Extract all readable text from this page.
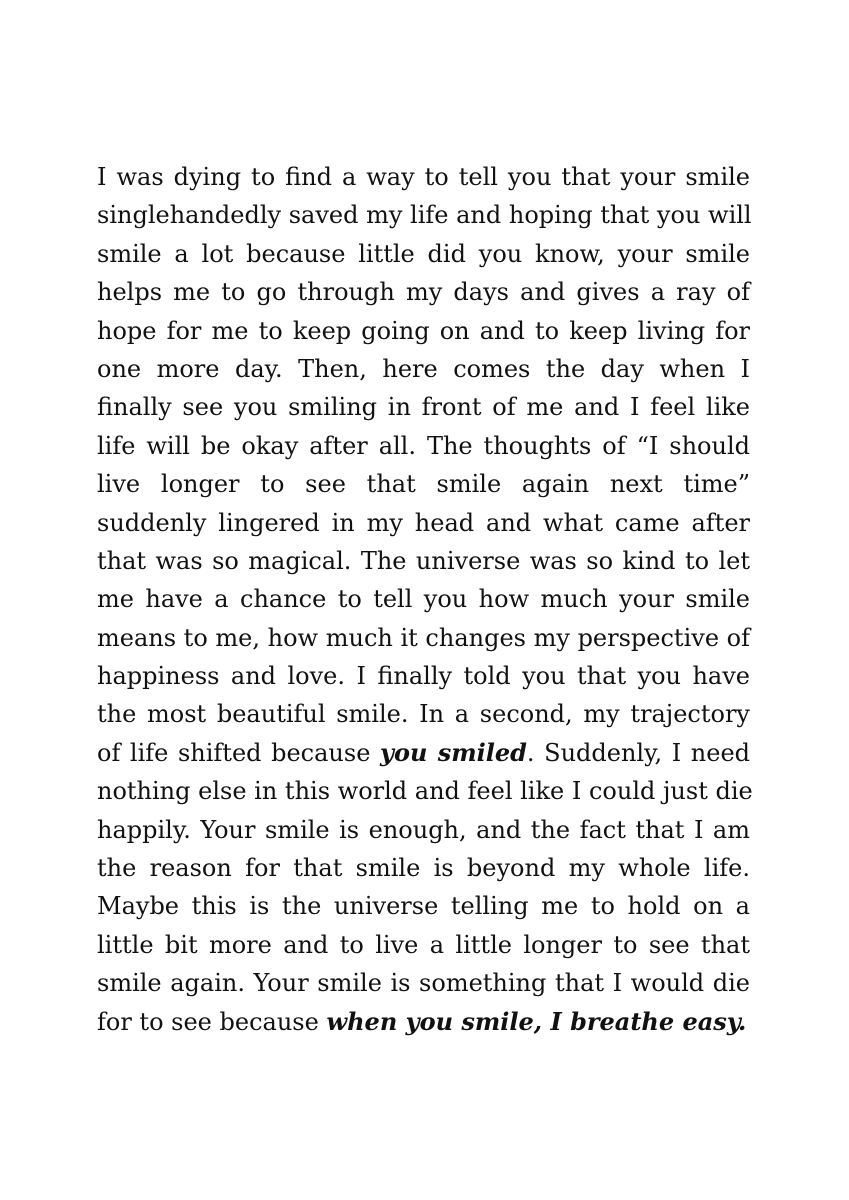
I was dying to find a way to tell you that your smile
singlehandedly saved my life and hoping that you will
smile a lot because little did you know, your smile
helps me to go through my days and gives a ray of
hope for me to keep going on and to keep living for
one more day. Then, here comes the day when I
finally see you smiling in front of me and I feel like
life will be okay after all. The thoughts of “I should
live longer to see that smile again next time”
suddenly lingered in my head and what came after
that was so magical. The universe was so kind to let
me have a chance to tell you how much your smile
means to me, how much it changes my perspective of
happiness and love. I finally told you that you have
the most beautiful smile. In a second, my trajectory
of life shifted because you smiled. Suddenly, I need
nothing else in this world and feel like I could just die
happily. Your smile is enough, and the fact that I am
the reason for that smile is beyond my whole life.
Maybe this is the universe telling me to hold on a
little bit more and to live a little longer to see that
smile again. Your smile is something that I would die
for to see because when you smile, I breathe easy.
